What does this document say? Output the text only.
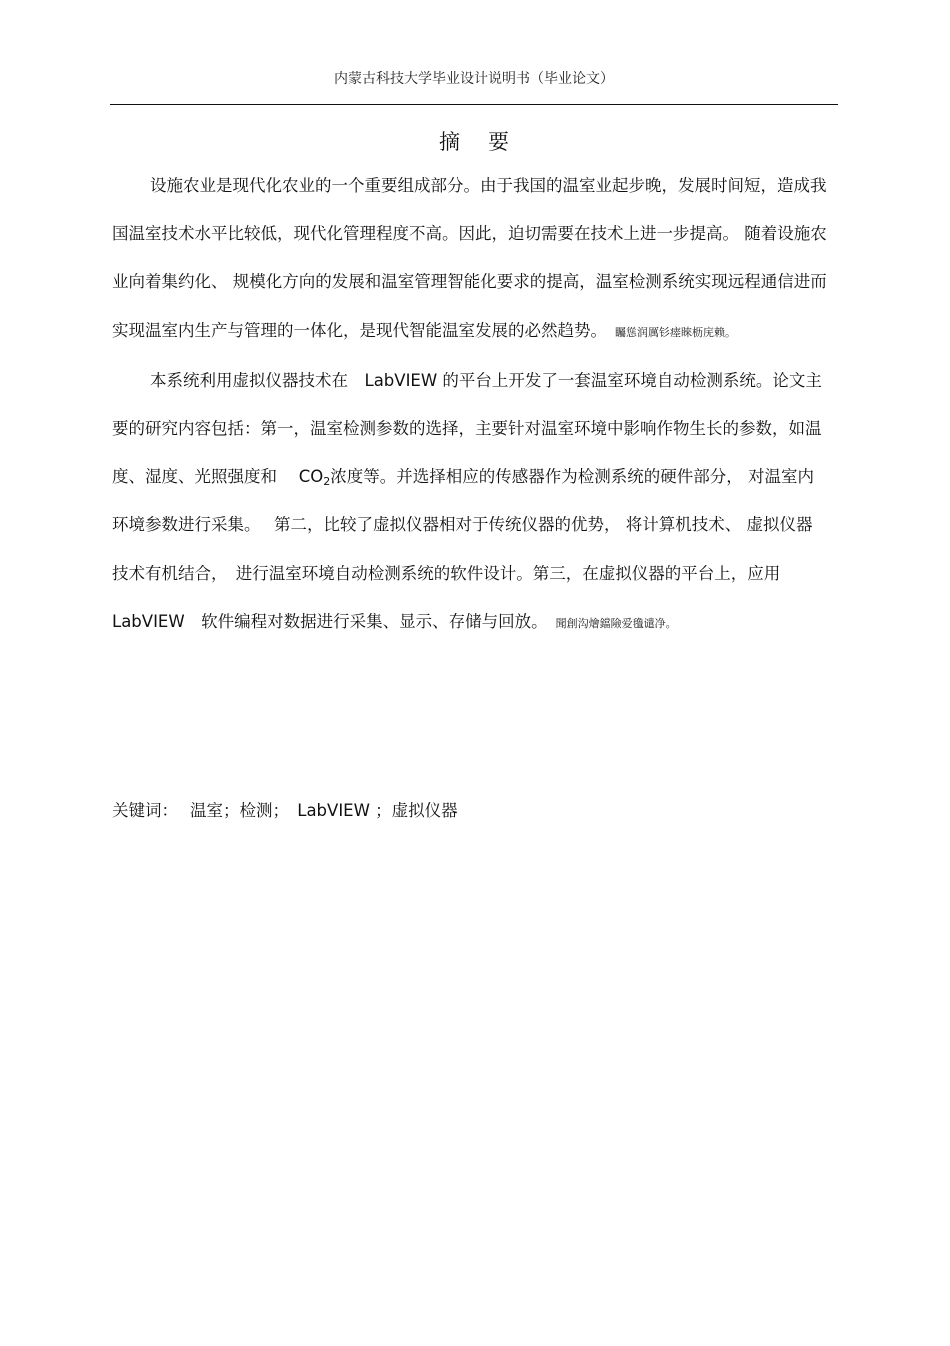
内蒙古科技大学毕业设计说明书（毕业论文）
摘要

设施农业是现代化农业的一个重要组成部分。由于我国的温室业起步晚，发展时间短，造成我国温室技术水平比较低，现代化管理程度不高。因此，迫切需要在技术上进一步提高。 随着设施农业向着集约化、 规模化方向的发展和温室管理智能化要求的提高，温室检测系统实现远程通信进而实现温室内生产与管理的一体化，是现代智能温室发展的必然趋势。 矚慫润厲钐瘗睞枥庑赖。

本系统利用虚拟仪器技术在　LabVIEW 的平台上开发了一套温室环境自动检测系统。论文主要的研究内容包括：第一，温室检测参数的选择，主要针对温室环境中影响作物生长的参数，如温度、湿度、光照强度和　 $CO_2$浓度等。并选择相应的传感器作为检测系统的硬件部分， 对温室内环境参数进行采集。　 第二，比较了虚拟仪器相对于传统仪器的优势， 将计算机技术、 虚拟仪器技术有机结合，　进行温室环境自动检测系统的软件设计。第三，在虚拟仪器的平台上，应用　 LabVIEW　软件编程对数据进行采集、显示、存储与回放。 聞創沟燴鐺險爱氇谴净。

关键词： 温室；检测；　LabVIEW ；虚拟仪器
